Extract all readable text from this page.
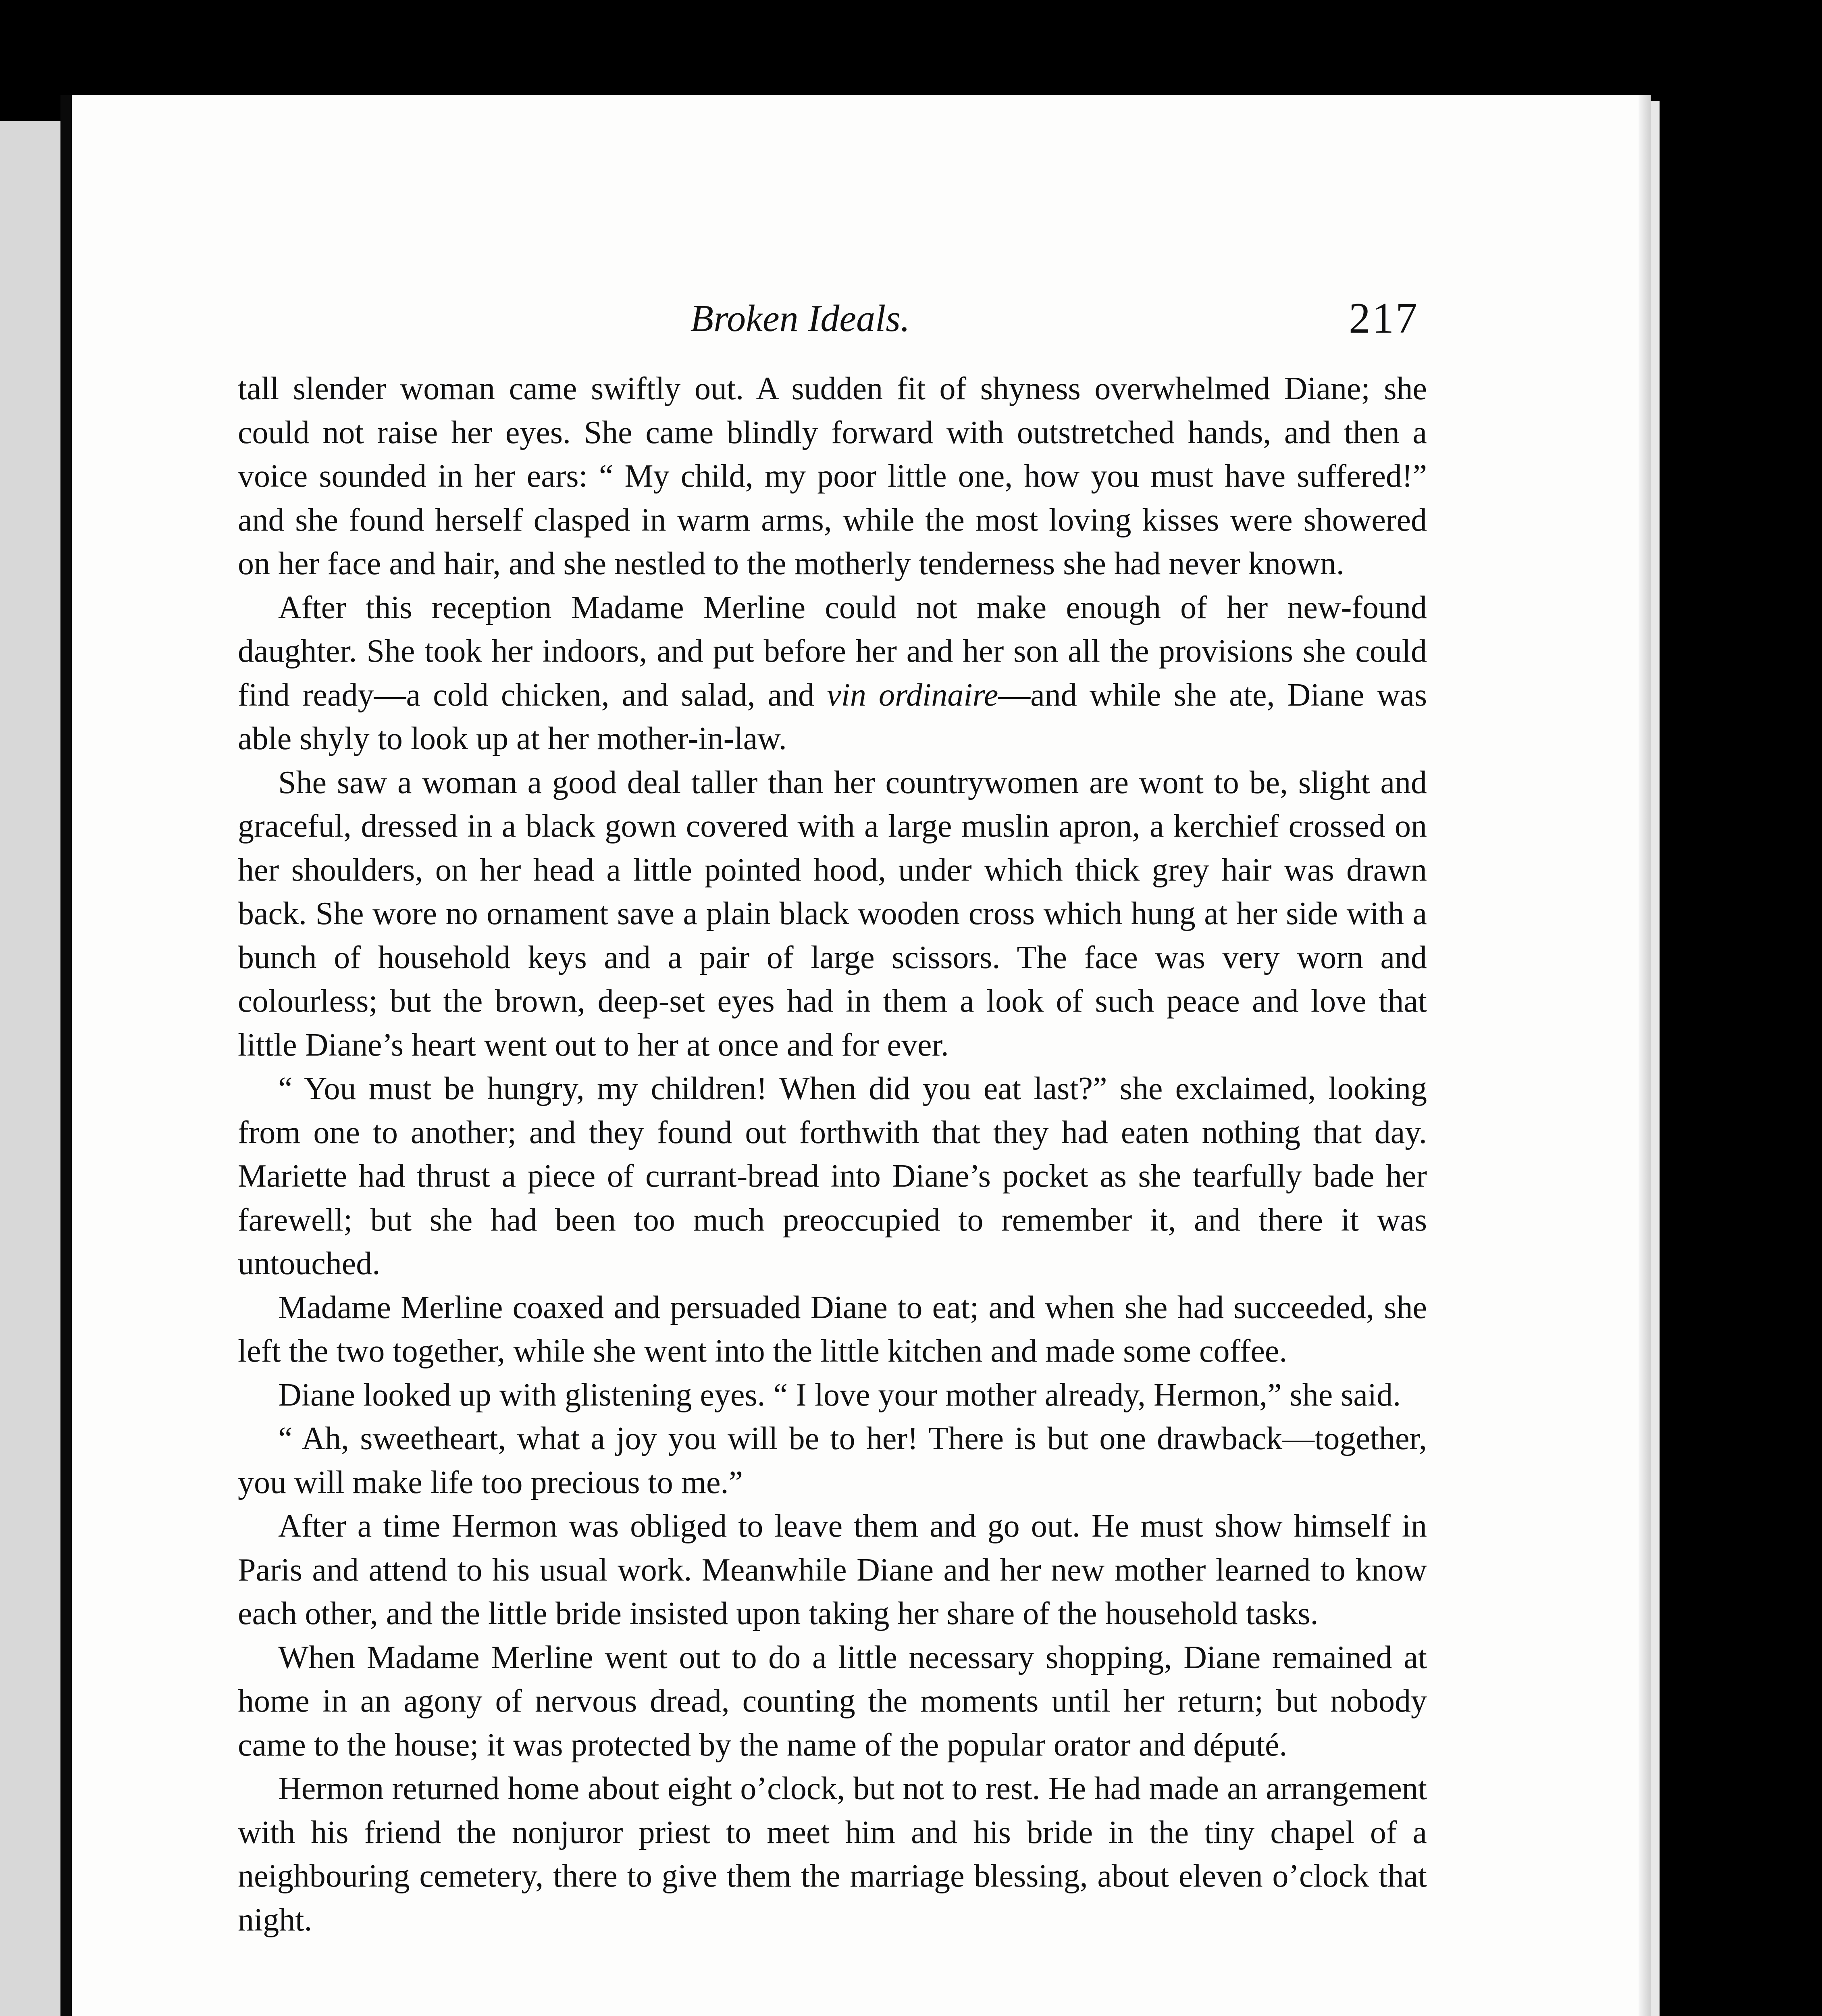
Broken Ideals.	217

tall slender woman came swiftly out. A sudden fit of shyness overwhelmed Diane; she could not raise her eyes. She came blindly forward with outstretched hands, and then a voice sounded in her ears: “ My child, my poor little one, how you must have suffered!” and she found herself clasped in warm arms, while the most loving kisses were showered on her face and hair, and she nestled to the motherly tenderness she had never known.

After this reception Madame Merline could not make enough of her new-found daughter. She took her indoors, and put before her and her son all the provisions she could find ready—a cold chicken, and salad, and vin ordinaire—and while she ate, Diane was able shyly to look up at her mother-in-law.

She saw a woman a good deal taller than her countrywomen are wont to be, slight and graceful, dressed in a black gown covered with a large muslin apron, a kerchief crossed on her shoulders, on her head a little pointed hood, under which thick grey hair was drawn back. She wore no ornament save a plain black wooden cross which hung at her side with a bunch of household keys and a pair of large scissors. The face was very worn and colourless; but the brown, deep-set eyes had in them a look of such peace and love that little Diane’s heart went out to her at once and for ever.

“ You must be hungry, my children! When did you eat last?” she exclaimed, looking from one to another; and they found out forthwith that they had eaten nothing that day. Mariette had thrust a piece of currant-bread into Diane’s pocket as she tearfully bade her farewell; but she had been too much preoccupied to remember it, and there it was untouched.

Madame Merline coaxed and persuaded Diane to eat; and when she had succeeded, she left the two together, while she went into the little kitchen and made some coffee.

Diane looked up with glistening eyes. “ I love your mother already, Hermon,” she said.

“ Ah, sweetheart, what a joy you will be to her! There is but one drawback—together, you will make life too precious to me.”

After a time Hermon was obliged to leave them and go out. He must show himself in Paris and attend to his usual work. Meanwhile Diane and her new mother learned to know each other, and the little bride insisted upon taking her share of the household tasks.

When Madame Merline went out to do a little necessary shopping, Diane remained at home in an agony of nervous dread, counting the moments until her return; but nobody came to the house; it was protected by the name of the popular orator and député.

Hermon returned home about eight o’clock, but not to rest. He had made an arrangement with his friend the nonjuror priest to meet him and his bride in the tiny chapel of a neighbouring cemetery, there to give them the marriage blessing, about eleven o’clock that night.
